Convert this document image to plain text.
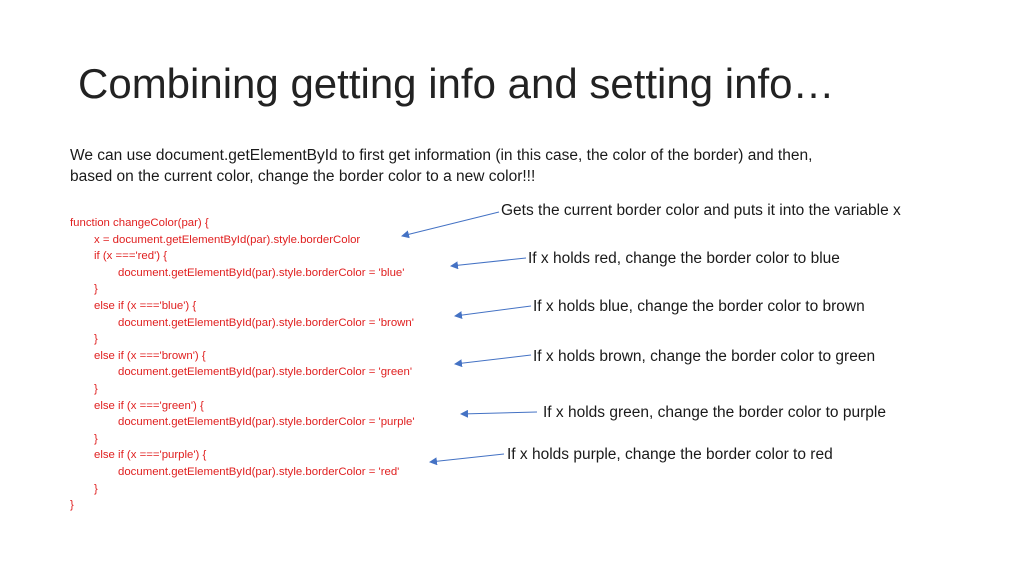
Combining getting info and setting info…
We can use document.getElementById to first get information (in this case, the color of the border) and then,
based on the current color, change the border color to a new color!!!
function changeColor(par) {
x = document.getElementById(par).style.borderColor
if (x ==='red') {
document.getElementById(par).style.borderColor = 'blue'
}
else if (x ==='blue') {
document.getElementById(par).style.borderColor = 'brown'
}
else if (x ==='brown') {
document.getElementById(par).style.borderColor = 'green'
}
else if (x ==='green') {
document.getElementById(par).style.borderColor = 'purple'
}
else if (x ==='purple') {
document.getElementById(par).style.borderColor = 'red'
}
}
Gets the current border color and puts it into the variable x
If x holds red, change the border color to blue
If x holds blue, change the border color to brown
If x holds brown, change the border color to green
If x holds green, change the border color to purple
If x holds purple, change the border color to red
